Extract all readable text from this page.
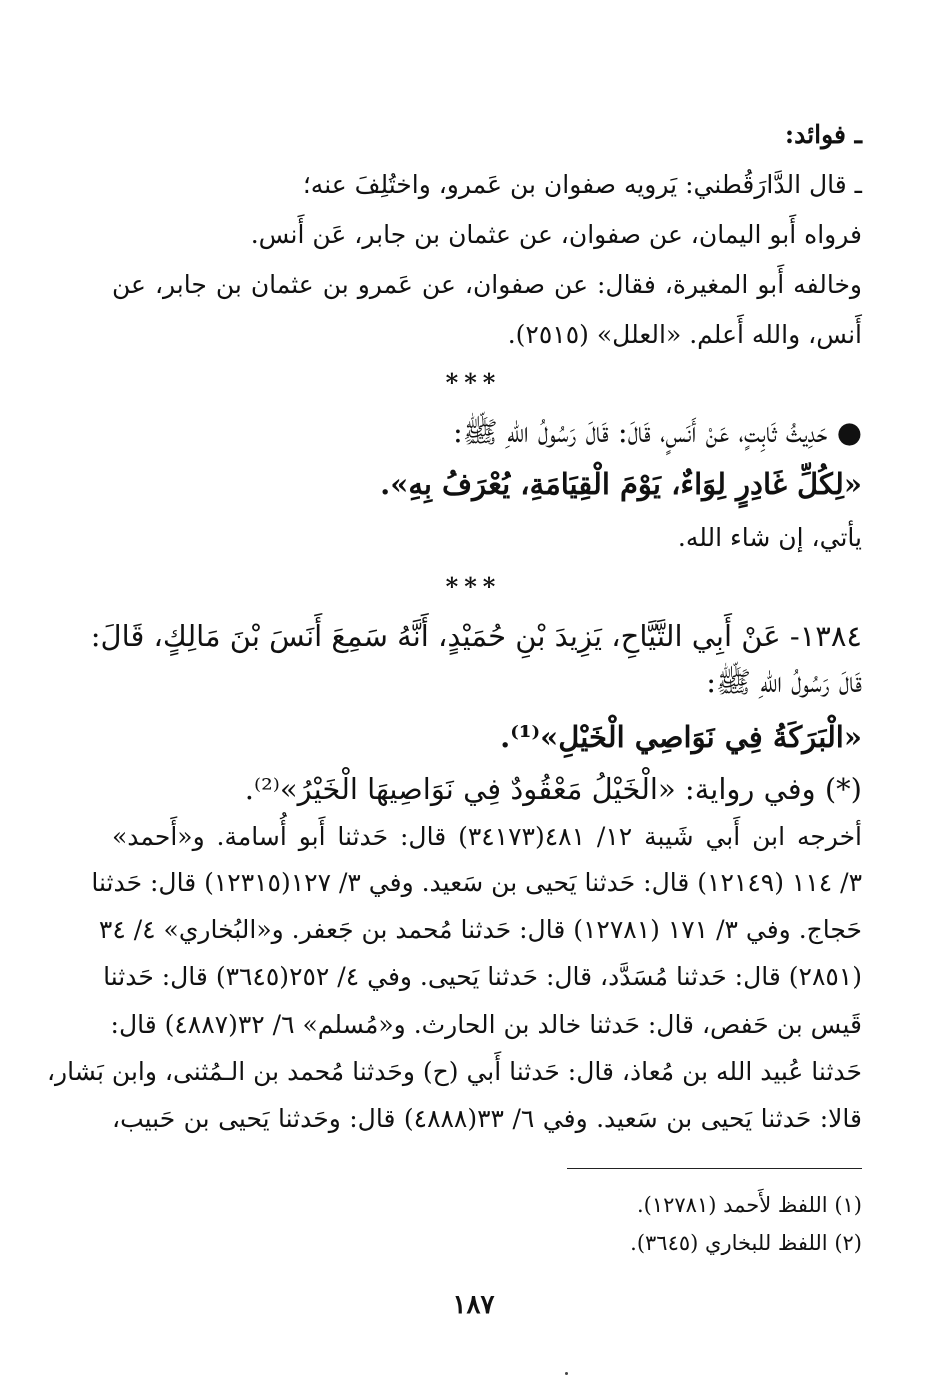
ـ فوائد:

ـ قال الدَّارَقُطني: يَرويه صفوان بن عَمرو، واختُلِفَ عنه؛

فرواه أَبو اليمان، عن صفوان، عن عثمان بن جابر، عَن أَنس.

وخالفه أَبو المغيرة، فقال: عن صفوان، عن عَمرو بن عثمان بن جابر، عن

أَنس، والله أَعلم. «العلل» (٢٥١٥).

***

● حَدِيثُ ثَابِتٍ، عَنْ أَنَسٍ، قَالَ: قَالَ رَسُولُ اللهِ ﷺ:

«لِكُلِّ غَادِرٍ لِوَاءٌ، يَوْمَ الْقِيَامَةِ، يُعْرَفُ بِهِ».

يأتي، إن شاء الله.

***

١٣٨٤- عَنْ أَبِي التَّيَّاحِ، يَزِيدَ بْنِ حُمَيْدٍ، أَنَّهُ سَمِعَ أَنَسَ بْنَ مَالِكٍ، قَالَ:

قَالَ رَسُولُ اللهِ ﷺ:

«الْبَرَكَةُ فِي نَوَاصِي الْخَيْلِ»⁽¹⁾.

(*) وفي رواية: «الْخَيْلُ مَعْقُودٌ فِي نَوَاصِيهَا الْخَيْرُ»⁽²⁾.

أخرجه ابن أَبي شَيبة ١٢/ ٤٨١(٣٤١٧٣) قال: حَدثنا أَبو أُسامة. و«أَحمد»

٣/ ١١٤ (١٢١٤٩) قال: حَدثنا يَحيى بن سَعيد. وفي ٣/ ١٢٧(١٢٣١٥) قال: حَدثنا

حَجاج. وفي ٣/ ١٧١ (١٢٧٨١) قال: حَدثنا مُحمد بن جَعفر. و«البُخاري» ٤/ ٣٤

(٢٨٥١) قال: حَدثنا مُسَدَّد، قال: حَدثنا يَحيى. وفي ٤/ ٢٥٢(٣٦٤٥) قال: حَدثنا

قَيس بن حَفص، قال: حَدثنا خالد بن الحارث. و«مُسلم» ٦/ ٣٢(٤٨٨٧) قال:

حَدثنا عُبيد الله بن مُعاذ، قال: حَدثنا أَبي (ح) وحَدثنا مُحمد بن الـمُثنى، وابن بَشار،

قالا: حَدثنا يَحيى بن سَعيد. وفي ٦/ ٣٣(٤٨٨٨) قال: وحَدثنا يَحيى بن حَبيب،

(١) اللفظ لأَحمد (١٢٧٨١).

(٢) اللفظ للبخاري (٣٦٤٥).

١٨٧
